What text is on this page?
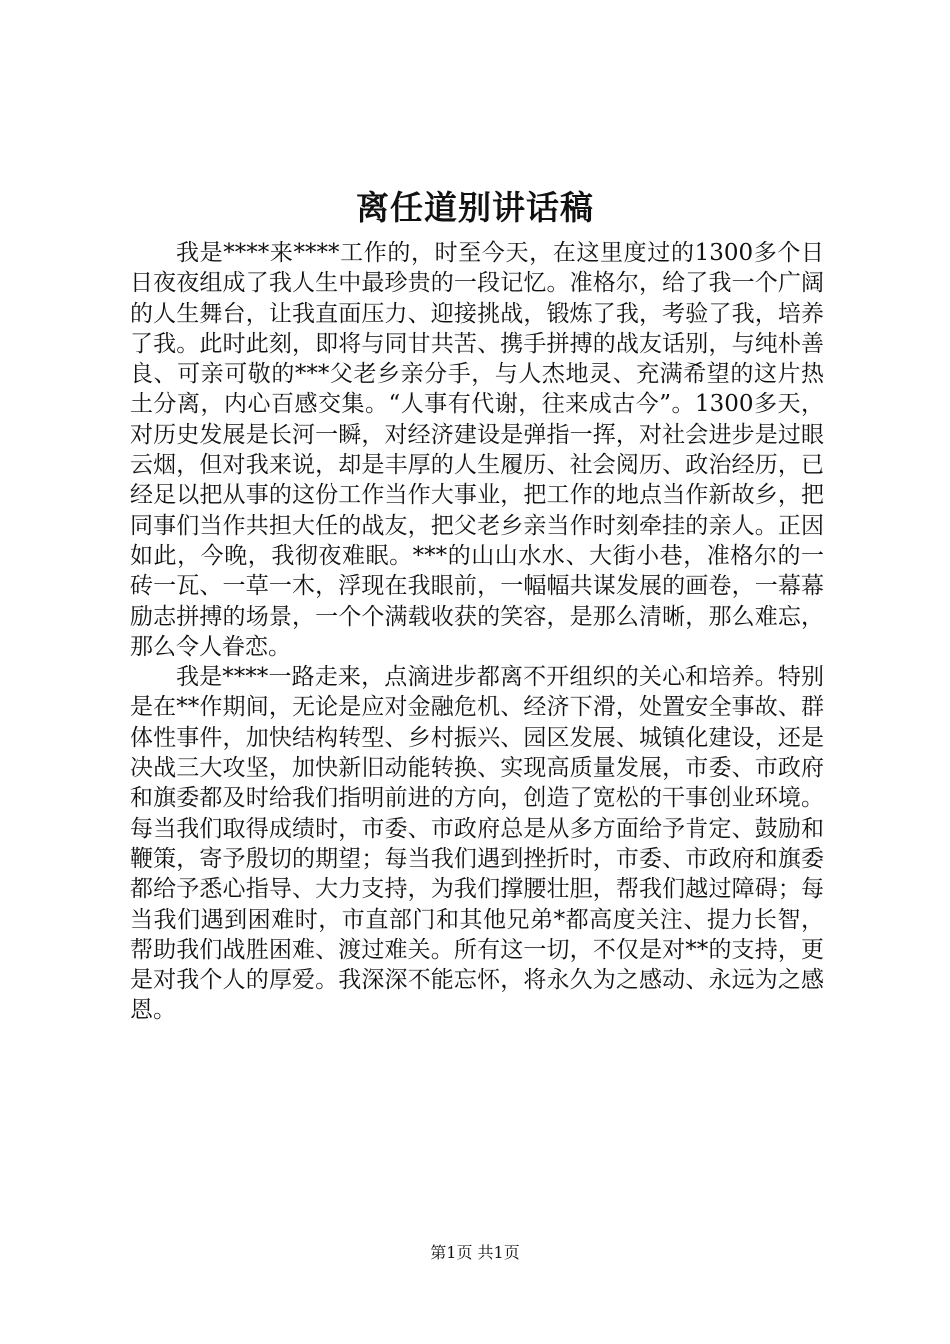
离任道别讲话稿

我是****来****工作的，时至今天，在这里度过的1300多个日日夜夜组成了我人生中最珍贵的一段记忆。准格尔，给了我一个广阔的人生舞台，让我直面压力、迎接挑战，锻炼了我，考验了我，培养了我。此时此刻，即将与同甘共苦、携手拼搏的战友话别，与纯朴善良、可亲可敬的***父老乡亲分手，与人杰地灵、充满希望的这片热土分离，内心百感交集。“人事有代谢，往来成古今”。1300多天，对历史发展是长河一瞬，对经济建设是弹指一挥，对社会进步是过眼云烟，但对我来说，却是丰厚的人生履历、社会阅历、政治经历，已经足以把从事的这份工作当作大事业，把工作的地点当作新故乡，把同事们当作共担大任的战友，把父老乡亲当作时刻牵挂的亲人。正因如此，今晚，我彻夜难眠。***的山山水水、大街小巷，准格尔的一砖一瓦、一草一木，浮现在我眼前，一幅幅共谋发展的画卷，一幕幕励志拼搏的场景，一个个满载收获的笑容，是那么清晰，那么难忘，那么令人眷恋。

我是****一路走来，点滴进步都离不开组织的关心和培养。特别是在**作期间，无论是应对金融危机、经济下滑，处置安全事故、群体性事件，加快结构转型、乡村振兴、园区发展、城镇化建设，还是决战三大攻坚，加快新旧动能转换、实现高质量发展，市委、市政府和旗委都及时给我们指明前进的方向，创造了宽松的干事创业环境。每当我们取得成绩时，市委、市政府总是从多方面给予肯定、鼓励和鞭策，寄予殷切的期望；每当我们遇到挫折时，市委、市政府和旗委都给予悉心指导、大力支持，为我们撑腰壮胆，帮我们越过障碍；每当我们遇到困难时，市直部门和其他兄弟*都高度关注、提力长智，帮助我们战胜困难、渡过难关。所有这一切，不仅是对**的支持，更是对我个人的厚爱。我深深不能忘怀，将永久为之感动、永远为之感恩。

第1页 共1页
